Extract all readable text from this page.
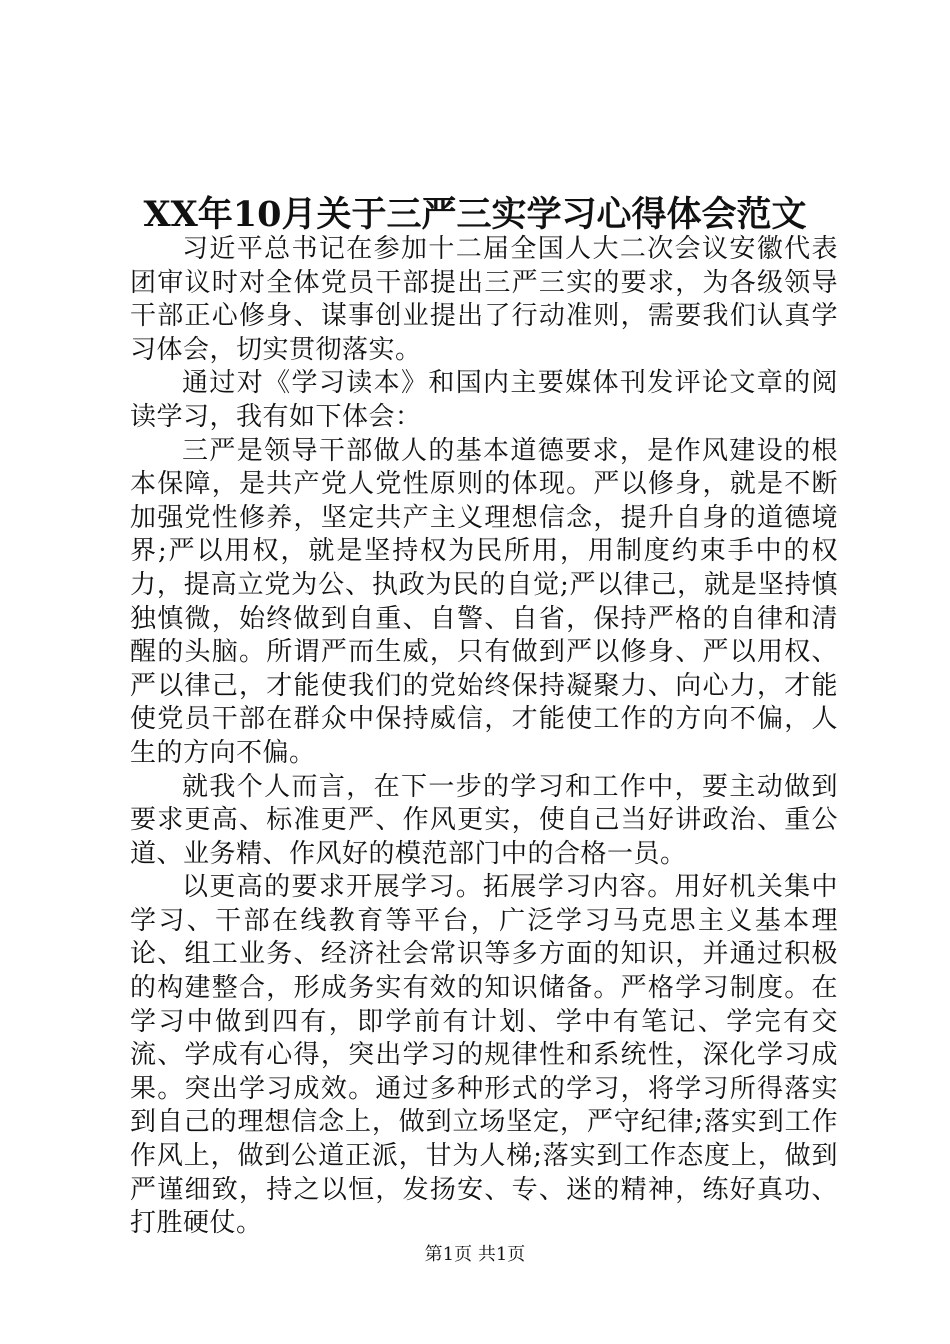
XX年10月关于三严三实学习心得体会范文

习近平总书记在参加十二届全国人大二次会议安徽代表团审议时对全体党员干部提出三严三实的要求，为各级领导干部正心修身、谋事创业提出了行动准则，需要我们认真学习体会，切实贯彻落实。

通过对《学习读本》和国内主要媒体刊发评论文章的阅读学习，我有如下体会：

三严是领导干部做人的基本道德要求，是作风建设的根本保障，是共产党人党性原则的体现。严以修身，就是不断加强党性修养，坚定共产主义理想信念，提升自身的道德境界;严以用权，就是坚持权为民所用，用制度约束手中的权力，提高立党为公、执政为民的自觉;严以律己，就是坚持慎独慎微，始终做到自重、自警、自省，保持严格的自律和清醒的头脑。所谓严而生威，只有做到严以修身、严以用权、严以律己，才能使我们的党始终保持凝聚力、向心力，才能使党员干部在群众中保持威信，才能使工作的方向不偏，人生的方向不偏。

就我个人而言，在下一步的学习和工作中，要主动做到要求更高、标准更严、作风更实，使自己当好讲政治、重公道、业务精、作风好的模范部门中的合格一员。

以更高的要求开展学习。拓展学习内容。用好机关集中学习、干部在线教育等平台，广泛学习马克思主义基本理论、组工业务、经济社会常识等多方面的知识，并通过积极的构建整合，形成务实有效的知识储备。严格学习制度。在学习中做到四有，即学前有计划、学中有笔记、学完有交流、学成有心得，突出学习的规律性和系统性，深化学习成果。突出学习成效。通过多种形式的学习，将学习所得落实到自己的理想信念上，做到立场坚定，严守纪律;落实到工作作风上，做到公道正派，甘为人梯;落实到工作态度上，做到严谨细致，持之以恒，发扬安、专、迷的精神，练好真功、打胜硬仗。

第1页 共1页
